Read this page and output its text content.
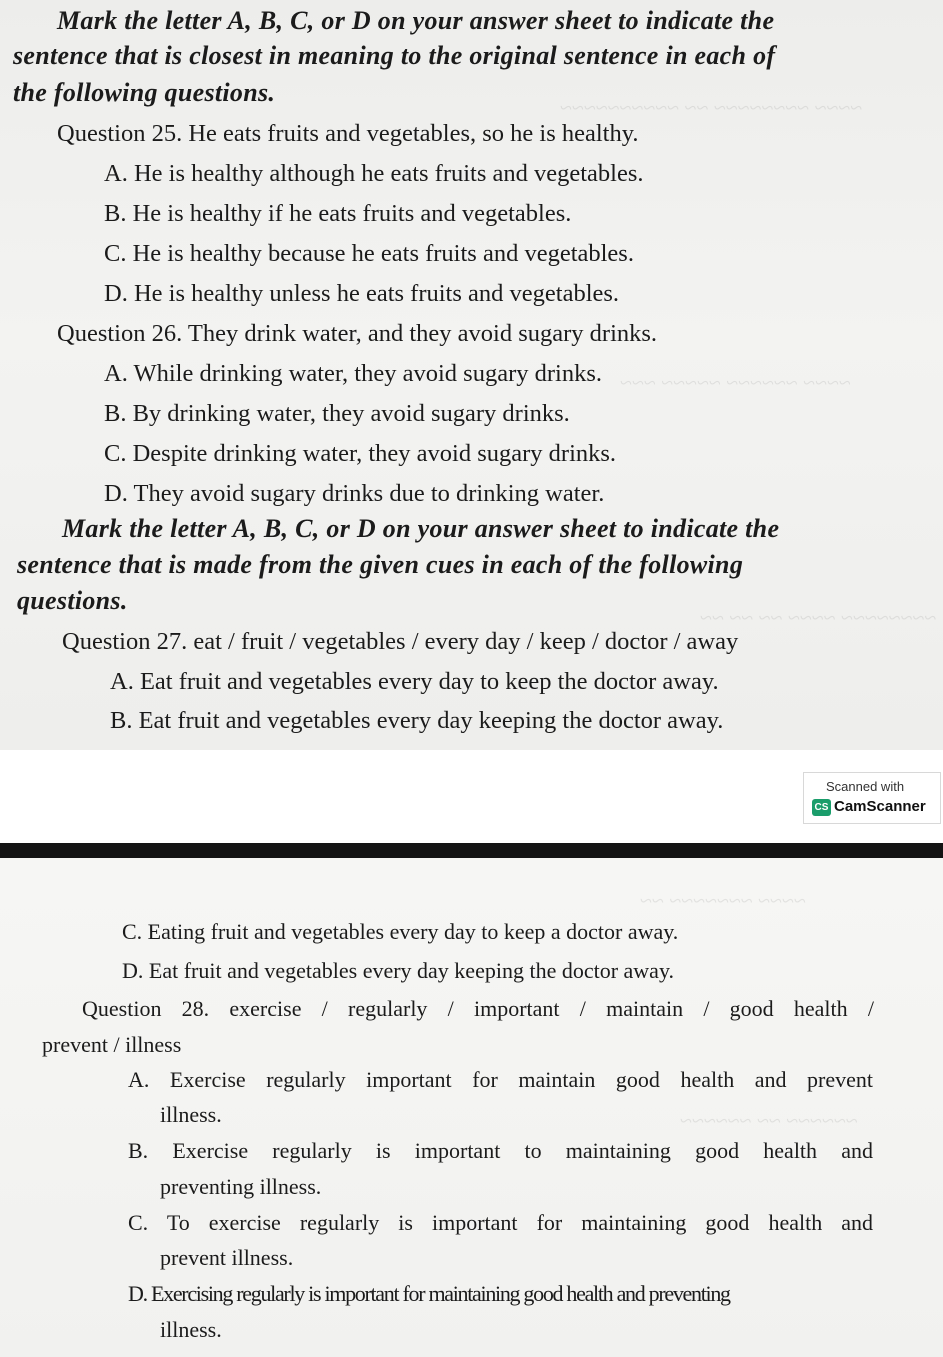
~~~~ ~~~~~~~~ ~~ ~~~~~~~~~~
~~~~ ~~~~~~ ~~~~~ ~~~
~~~~~~~~ ~~~~ ~~ ~~ ~~
Mark the letter A, B, C, or D on your answer sheet to indicate the
sentence that is closest in meaning to the original sentence in each of
the following questions.
Question 25. He eats fruits and vegetables, so he is healthy.
A. He is healthy although he eats fruits and vegetables.
B. He is healthy if he eats fruits and vegetables.
C. He is healthy because he eats fruits and vegetables.
D. He is healthy unless he eats fruits and vegetables.
Question 26. They drink water, and they avoid sugary drinks.
A. While drinking water, they avoid sugary drinks.
B. By drinking water, they avoid sugary drinks.
C. Despite drinking water, they avoid sugary drinks.
D. They avoid sugary drinks due to drinking water.
Mark the letter A, B, C, or D on your answer sheet to indicate the
sentence that is made from the given cues in each of the following
questions.
Question 27. eat / fruit / vegetables / every day / keep / doctor / away
A. Eat fruit and vegetables every day to keep the doctor away.
B. Eat fruit and vegetables every day keeping the doctor away.
Scanned with
CS CamScanner
~~~~ ~~~~~~~ ~~
~~~~~~ ~~ ~~~~~~
C. Eating fruit and vegetables every day to keep a doctor away.
D. Eat fruit and vegetables every day keeping the doctor away.
Question 28. exercise / regularly / important / maintain / good health /
prevent / illness
A. Exercise regularly important for maintain good health and prevent
illness.
B. Exercise regularly is important to maintaining good health and
preventing illness.
C. To exercise regularly is important for maintaining good health and
prevent illness.
D. Exercising regularly is important for maintaining good health and preventing
illness.
